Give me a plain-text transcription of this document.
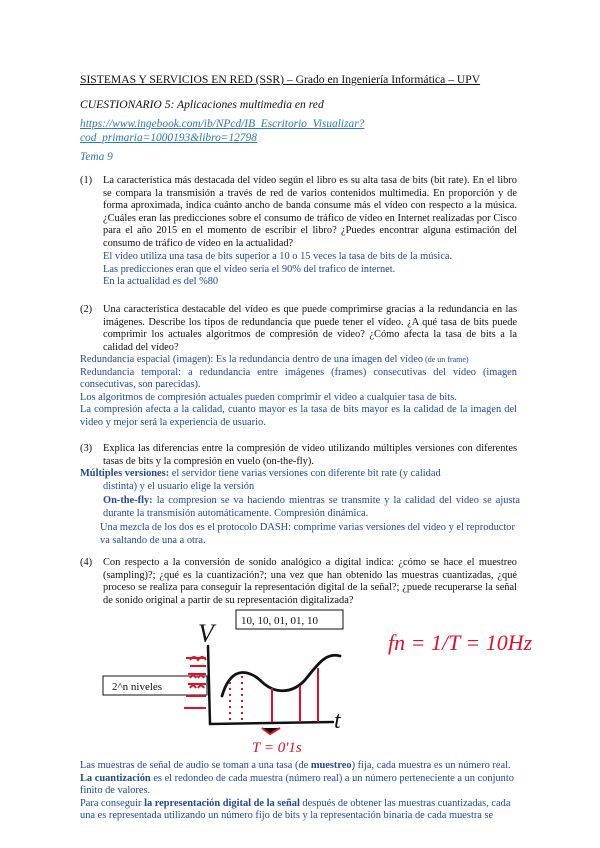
SISTEMAS Y SERVICIOS EN RED (SSR) – Grado en Ingeniería Informática – UPV
CUESTIONARIO 5: Aplicaciones multimedia en red
https://www.ingebook.com/ib/NPcd/IB_Escritorio_Visualizar?cod_primaria=1000193&libro=12798
Tema 9
(1) La característica más destacada del vídeo según el libro es su alta tasa de bits (bit rate). En el libro se compara la transmisión a través de red de varios contenidos multimedia. En proporción y de forma aproximada, indica cuánto ancho de banda consume más el vídeo con respecto a la música. ¿Cuáles eran las predicciones sobre el consumo de tráfico de vídeo en Internet realizadas por Cisco para el año 2015 en el momento de escribir el libro? ¿Puedes encontrar alguna estimación del consumo de tráfico de vídeo en la actualidad?
El video utiliza una tasa de bits superior a 10 o 15 veces la tasa de bits de la música.
Las predicciones eran que el video seria el 90% del trafico de internet.
En la actualidad es del %80
(2) Una característica destacable del vídeo es que puede comprimirse gracias a la redundancia en las imágenes. Describe los tipos de redundancia que puede tener el vídeo. ¿A qué tasa de bits puede comprimir los actuales algoritmos de compresión de vídeo? ¿Cómo afecta la tasa de bits a la calidad del vídeo?
Redundancia espacial (imagen): Es la redundancia dentro de una imagen del vídeo (de un frame)
Redundancia temporal: a redundancia entre imágenes (frames) consecutivas del vídeo (imagen consecutivas, son parecidas).
Los algoritmos de compresión actuales pueden comprimir el video a cualquier tasa de bits.
La compresión afecta a la calidad, cuanto mayor es la tasa de bits mayor es la calidad de la imagen del video y mejor será la experiencia de usuario.
(3) Explica las diferencias entre la compresión de vídeo utilizando múltiples versiones con diferentes tasas de bits y la compresión en vuelo (on-the-fly).
Múltiples versiones: el servidor tiene varias versiones con diferente bit rate (y calidad
distinta) y el usuario elige la versión
On-the-fly: la compresion se va haciendo mientras se transmite y la calidad del video se ajusta durante la transmisión automáticamente. Compresión dinámica.
Una mezcla de los dos es el protocolo DASH: comprime varias versiones del video y el reproductor va saltando de una a otra.
(4) Con respecto a la conversión de sonido analógico a digital indica: ¿cómo se hace el muestreo (sampling)?; ¿qué es la cuantización?; una vez que han obtenido las muestras cuantizadas, ¿qué proceso se realiza para conseguir la representación digital de la señal?; ¿puede recuperarse la señal de sonido original a partir de su representación digitalizada?
10, 10, 01, 01, 10
2^n niveles
V
t
T = 0'1s
fn = 1/T = 10Hz
Las muestras de señal de audio se toman a una tasa (de muestreo) fija, cada muestra es un número real.
La cuantización es el redondeo de cada muestra (número real) a un número perteneciente a un conjunto finito de valores.
Para conseguir la representación digital de la señal después de obtener las muestras cuantizadas, cada una es representada utilizando un número fijo de bits y la representación binaria de cada muestra se
